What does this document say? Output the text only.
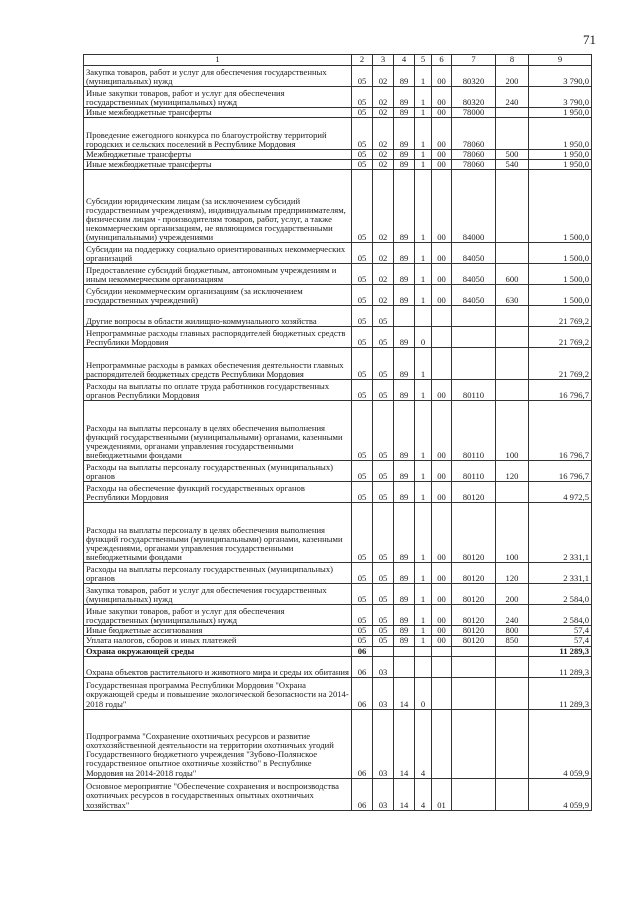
71
1	2	3	4	5	6	7	8	9
Закупка товаров, работ и услуг для обеспечения государственных (муниципальных) нужд	05	02	89	1	00	80320	200	3 790,0
Иные закупки товаров, работ и услуг для обеспечения государственных (муниципальных) нужд	05	02	89	1	00	80320	240	3 790,0
Иные межбюджетные трансферты	05	02	89	1	00	78000		1 950,0
Проведение ежегодного конкурса по благоустройству территорий городских и сельских поселений в Республике Мордовия	05	02	89	1	00	78060		1 950,0
Межбюджетные трансферты	05	02	89	1	00	78060	500	1 950,0
Иные межбюджетные трансферты	05	02	89	1	00	78060	540	1 950,0
Субсидии юридическим лицам (за исключением субсидий государственным учреждениям), индивидуальным предпринимателям, физическим лицам - производителям товаров, работ, услуг, а также некоммерческим организациям, не являющимся государственными (муниципальными) учреждениями	05	02	89	1	00	84000		1 500,0
Субсидии на поддержку социально ориентированных некоммерческих организаций	05	02	89	1	00	84050		1 500,0
Предоставление субсидий бюджетным, автономным учреждениям и иным некоммерческим организациям	05	02	89	1	00	84050	600	1 500,0
Субсидии некоммерческим организациям (за исключением государственных учреждений)	05	02	89	1	00	84050	630	1 500,0
Другие вопросы в области жилищно-коммунального хозяйства	05	05						21 769,2
Непрограммные расходы главных распорядителей бюджетных средств Республики Мордовия	05	05	89	0				21 769,2
Непрограммные расходы в рамках обеспечения деятельности главных распорядителей бюджетных средств Республики Мордовия	05	05	89	1				21 769,2
Расходы на выплаты по оплате труда работников государственных органов Республики Мордовия	05	05	89	1	00	80110		16 796,7
Расходы на выплаты персоналу в целях обеспечения выполнения функций государственными (муниципальными) органами, казенными учреждениями, органами управления государственными внебюджетными фондами	05	05	89	1	00	80110	100	16 796,7
Расходы на выплаты персоналу государственных (муниципальных) органов	05	05	89	1	00	80110	120	16 796,7
Расходы на обеспечение функций государственных органов Республики Мордовия	05	05	89	1	00	80120		4 972,5
Расходы на выплаты персоналу в целях обеспечения выполнения функций государственными (муниципальными) органами, казенными учреждениями, органами управления государственными внебюджетными фондами	05	05	89	1	00	80120	100	2 331,1
Расходы на выплаты персоналу государственных (муниципальных) органов	05	05	89	1	00	80120	120	2 331,1
Закупка товаров, работ и услуг для обеспечения государственных (муниципальных) нужд	05	05	89	1	00	80120	200	2 584,0
Иные закупки товаров, работ и услуг для обеспечения государственных (муниципальных) нужд	05	05	89	1	00	80120	240	2 584,0
Иные бюджетные ассигнования	05	05	89	1	00	80120	800	57,4
Уплата налогов, сборов и иных платежей	05	05	89	1	00	80120	850	57,4
Охрана окружающей среды	06							11 289,3
Охрана объектов растительного и животного мира и среды их обитания	06	03						11 289,3
Государственная программа Республики Мордовия "Охрана окружающей среды и повышение экологической безопасности на 2014-2018 годы"	06	03	14	0				11 289,3
Подпрограмма "Сохранение охотничьих ресурсов и развитие охотхозяйственной деятельности на территории охотничьих угодий Государственного бюджетного учреждения "Зубово-Полянское государственное опытное охотничье хозяйство" в Республике Мордовия на 2014-2018 годы"	06	03	14	4				4 059,9
Основное мероприятие "Обеспечение сохранения и воспроизводства охотничьих ресурсов в государственных опытных охотничьих хозяйствах"	06	03	14	4	01			4 059,9
